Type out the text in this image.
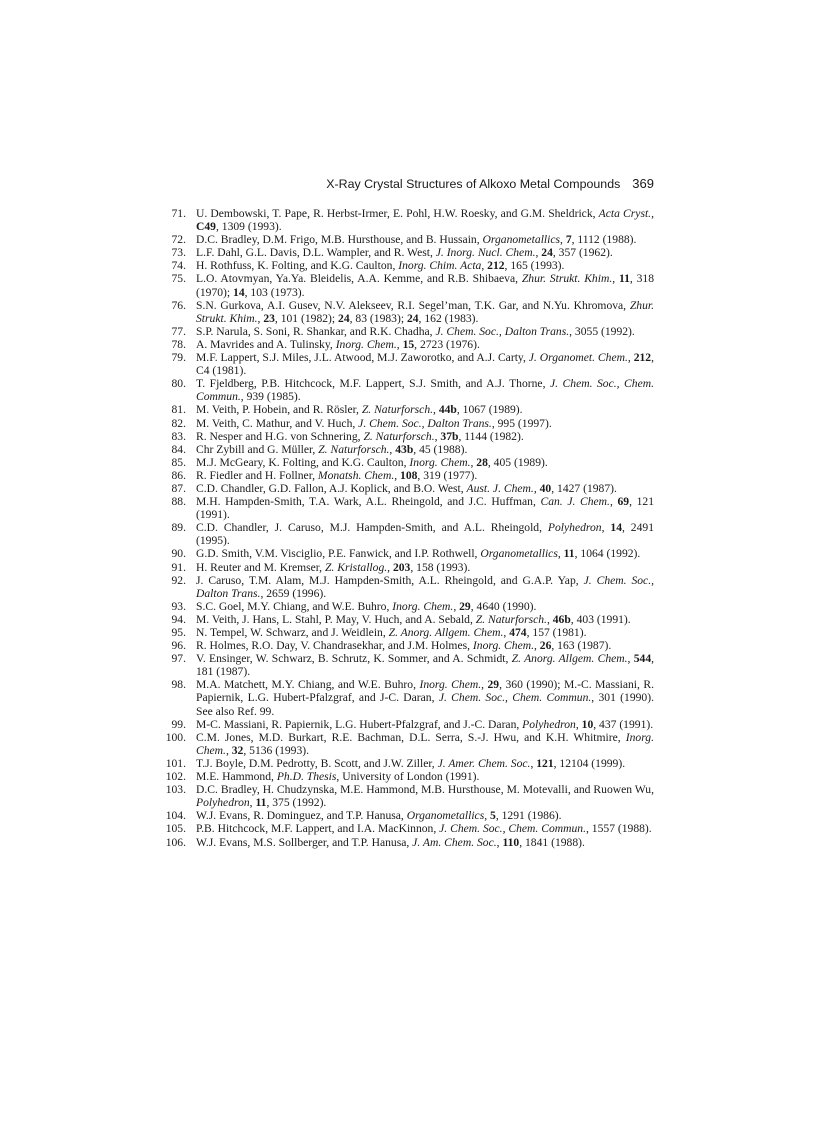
X-Ray Crystal Structures of Alkoxo Metal Compounds 369

71. U. Dembowski, T. Pape, R. Herbst-Irmer, E. Pohl, H.W. Roesky, and G.M. Sheldrick, Acta Cryst., C49, 1309 (1993).

72. D.C. Bradley, D.M. Frigo, M.B. Hursthouse, and B. Hussain, Organometallics, 7, 1112 (1988).

73. L.F. Dahl, G.L. Davis, D.L. Wampler, and R. West, J. Inorg. Nucl. Chem., 24, 357 (1962).

74. H. Rothfuss, K. Folting, and K.G. Caulton, Inorg. Chim. Acta, 212, 165 (1993).

75. L.O. Atovmyan, Ya.Ya. Bleidelis, A.A. Kemme, and R.B. Shibaeva, Zhur. Strukt. Khim., 11, 318 (1970); 14, 103 (1973).

76. S.N. Gurkova, A.I. Gusev, N.V. Alekseev, R.I. Segel’man, T.K. Gar, and N.Yu. Khromova, Zhur. Strukt. Khim., 23, 101 (1982); 24, 83 (1983); 24, 162 (1983).

77. S.P. Narula, S. Soni, R. Shankar, and R.K. Chadha, J. Chem. Soc., Dalton Trans., 3055 (1992).

78. A. Mavrides and A. Tulinsky, Inorg. Chem., 15, 2723 (1976).

79. M.F. Lappert, S.J. Miles, J.L. Atwood, M.J. Zaworotko, and A.J. Carty, J. Organomet. Chem., 212, C4 (1981).

80. T. Fjeldberg, P.B. Hitchcock, M.F. Lappert, S.J. Smith, and A.J. Thorne, J. Chem. Soc., Chem. Commun., 939 (1985).

81. M. Veith, P. Hobein, and R. Rösler, Z. Naturforsch., 44b, 1067 (1989).

82. M. Veith, C. Mathur, and V. Huch, J. Chem. Soc., Dalton Trans., 995 (1997).

83. R. Nesper and H.G. von Schnering, Z. Naturforsch., 37b, 1144 (1982).

84. Chr Zybill and G. Müller, Z. Naturforsch., 43b, 45 (1988).

85. M.J. McGeary, K. Folting, and K.G. Caulton, Inorg. Chem., 28, 405 (1989).

86. R. Fiedler and H. Follner, Monatsh. Chem., 108, 319 (1977).

87. C.D. Chandler, G.D. Fallon, A.J. Koplick, and B.O. West, Aust. J. Chem., 40, 1427 (1987).

88. M.H. Hampden-Smith, T.A. Wark, A.L. Rheingold, and J.C. Huffman, Can. J. Chem., 69, 121 (1991).

89. C.D. Chandler, J. Caruso, M.J. Hampden-Smith, and A.L. Rheingold, Polyhedron, 14, 2491 (1995).

90. G.D. Smith, V.M. Visciglio, P.E. Fanwick, and I.P. Rothwell, Organometallics, 11, 1064 (1992).

91. H. Reuter and M. Kremser, Z. Kristallog., 203, 158 (1993).

92. J. Caruso, T.M. Alam, M.J. Hampden-Smith, A.L. Rheingold, and G.A.P. Yap, J. Chem. Soc., Dalton Trans., 2659 (1996).

93. S.C. Goel, M.Y. Chiang, and W.E. Buhro, Inorg. Chem., 29, 4640 (1990).

94. M. Veith, J. Hans, L. Stahl, P. May, V. Huch, and A. Sebald, Z. Naturforsch., 46b, 403 (1991).

95. N. Tempel, W. Schwarz, and J. Weidlein, Z. Anorg. Allgem. Chem., 474, 157 (1981).

96. R. Holmes, R.O. Day, V. Chandrasekhar, and J.M. Holmes, Inorg. Chem., 26, 163 (1987).

97. V. Ensinger, W. Schwarz, B. Schrutz, K. Sommer, and A. Schmidt, Z. Anorg. Allgem. Chem., 544, 181 (1987).

98. M.A. Matchett, M.Y. Chiang, and W.E. Buhro, Inorg. Chem., 29, 360 (1990); M.-C. Massiani, R. Papiernik, L.G. Hubert-Pfalzgraf, and J-C. Daran, J. Chem. Soc., Chem. Commun., 301 (1990). See also Ref. 99.

99. M-C. Massiani, R. Papiernik, L.G. Hubert-Pfalzgraf, and J.-C. Daran, Polyhedron, 10, 437 (1991).

100. C.M. Jones, M.D. Burkart, R.E. Bachman, D.L. Serra, S.-J. Hwu, and K.H. Whitmire, Inorg. Chem., 32, 5136 (1993).

101. T.J. Boyle, D.M. Pedrotty, B. Scott, and J.W. Ziller, J. Amer. Chem. Soc., 121, 12104 (1999).

102. M.E. Hammond, Ph.D. Thesis, University of London (1991).

103. D.C. Bradley, H. Chudzynska, M.E. Hammond, M.B. Hursthouse, M. Motevalli, and Ruowen Wu, Polyhedron, 11, 375 (1992).

104. W.J. Evans, R. Dominguez, and T.P. Hanusa, Organometallics, 5, 1291 (1986).

105. P.B. Hitchcock, M.F. Lappert, and I.A. MacKinnon, J. Chem. Soc., Chem. Commun., 1557 (1988).

106. W.J. Evans, M.S. Sollberger, and T.P. Hanusa, J. Am. Chem. Soc., 110, 1841 (1988).
